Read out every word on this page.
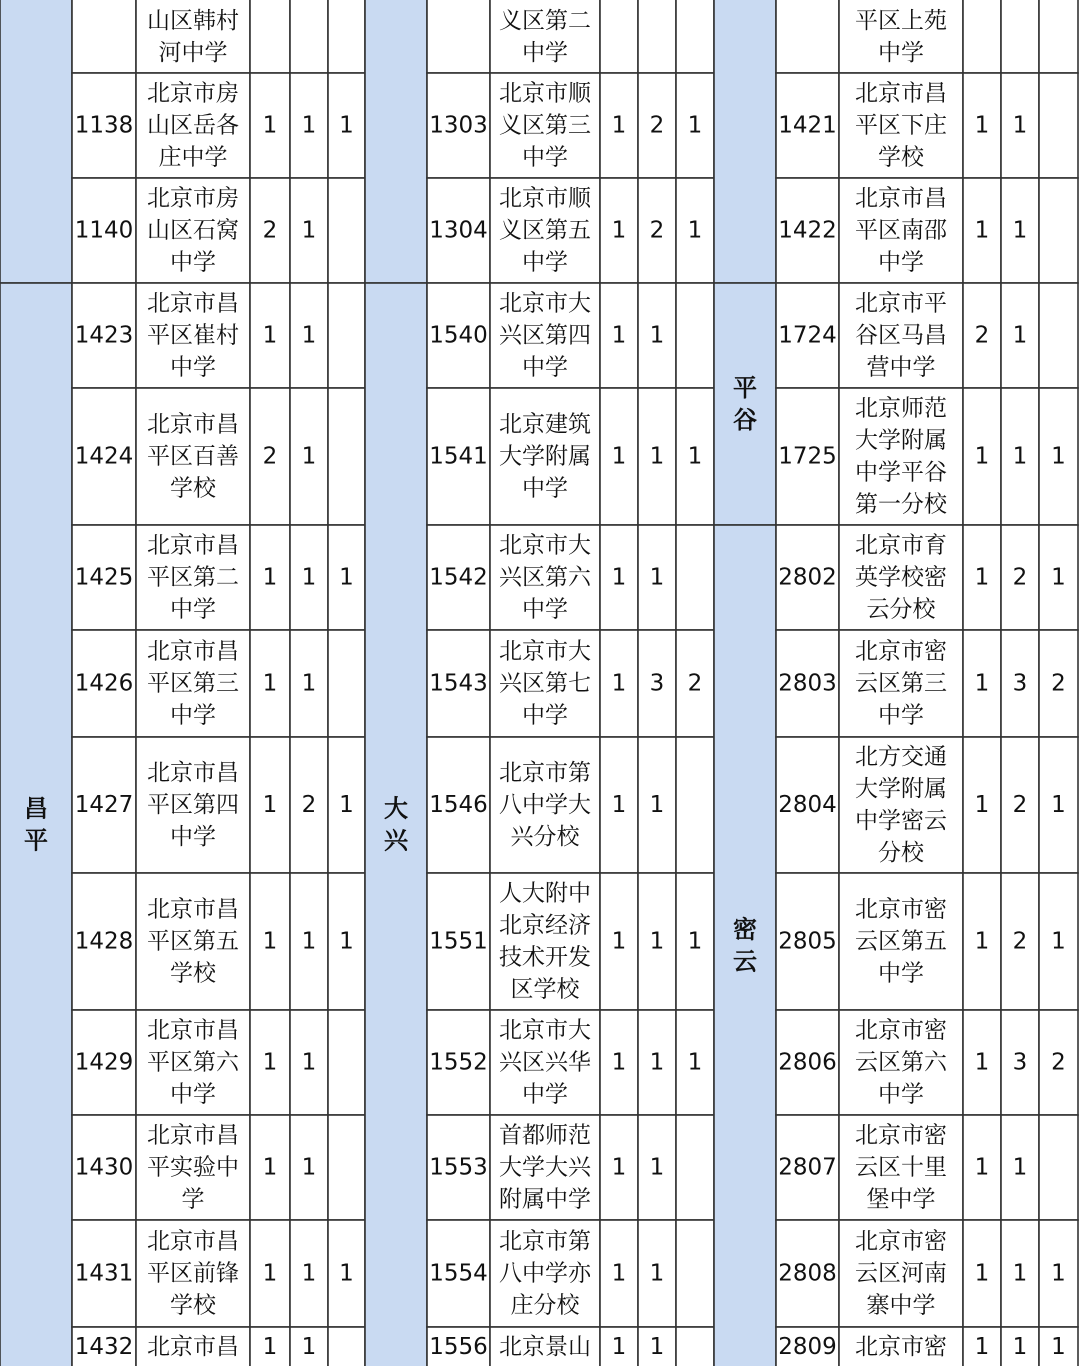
昌
平
山区韩村
河中学
1138
北京市房
山区岳各
庄中学
1 1 1
1140
北京市房
山区石窝
中学
2 1
1423
北京市昌
平区崔村
中学
1 1
1424
北京市昌
平区百善
学校
2 1
1425
北京市昌
平区第二
中学
1 1 1
1426
北京市昌
平区第三
中学
1 1
1427
北京市昌
平区第四
中学
1 2 1
1428
北京市昌
平区第五
学校
1 1 1
1429
北京市昌
平区第六
中学
1 1
1430
北京市昌
平实验中
学
1 1
1431
北京市昌
平区前锋
学校
1 1 1
1432 北京市昌 1 1
大
兴
义区第二
中学
1303
北京市顺
义区第三
中学
1 2 1
1304
北京市顺
义区第五
中学
1 2 1
1540
北京市大
兴区第四
中学
1 1
1541
北京建筑
大学附属
中学
1 1 1
1542
北京市大
兴区第六
中学
1 1
1543
北京市大
兴区第七
中学
1 3 2
1546
北京市第
八中学大
兴分校
1 1
1551
人大附中
北京经济
技术开发
区学校
1 1 1
1552
北京市大
兴区兴华
中学
1 1 1
1553
首都师范
大学大兴
附属中学
1 1
1554
北京市第
八中学亦
庄分校
1 1
1556 北京景山 1 1
平
谷
密
云
平区上苑
中学
1421
北京市昌
平区下庄
学校
1 1
1422
北京市昌
平区南邵
中学
1 1
1724
北京市平
谷区马昌
营中学
2 1
1725
北京师范
大学附属
中学平谷
第一分校
1 1 1
2802
北京市育
英学校密
云分校
1 2 1
2803
北京市密
云区第三
中学
1 3 2
2804
北方交通
大学附属
中学密云
分校
1 2 1
2805
北京市密
云区第五
中学
1 2 1
2806
北京市密
云区第六
中学
1 3 2
2807
北京市密
云区十里
堡中学
1 1
2808
北京市密
云区河南
寨中学
1 1 1
2809 北京市密 1 1 1
